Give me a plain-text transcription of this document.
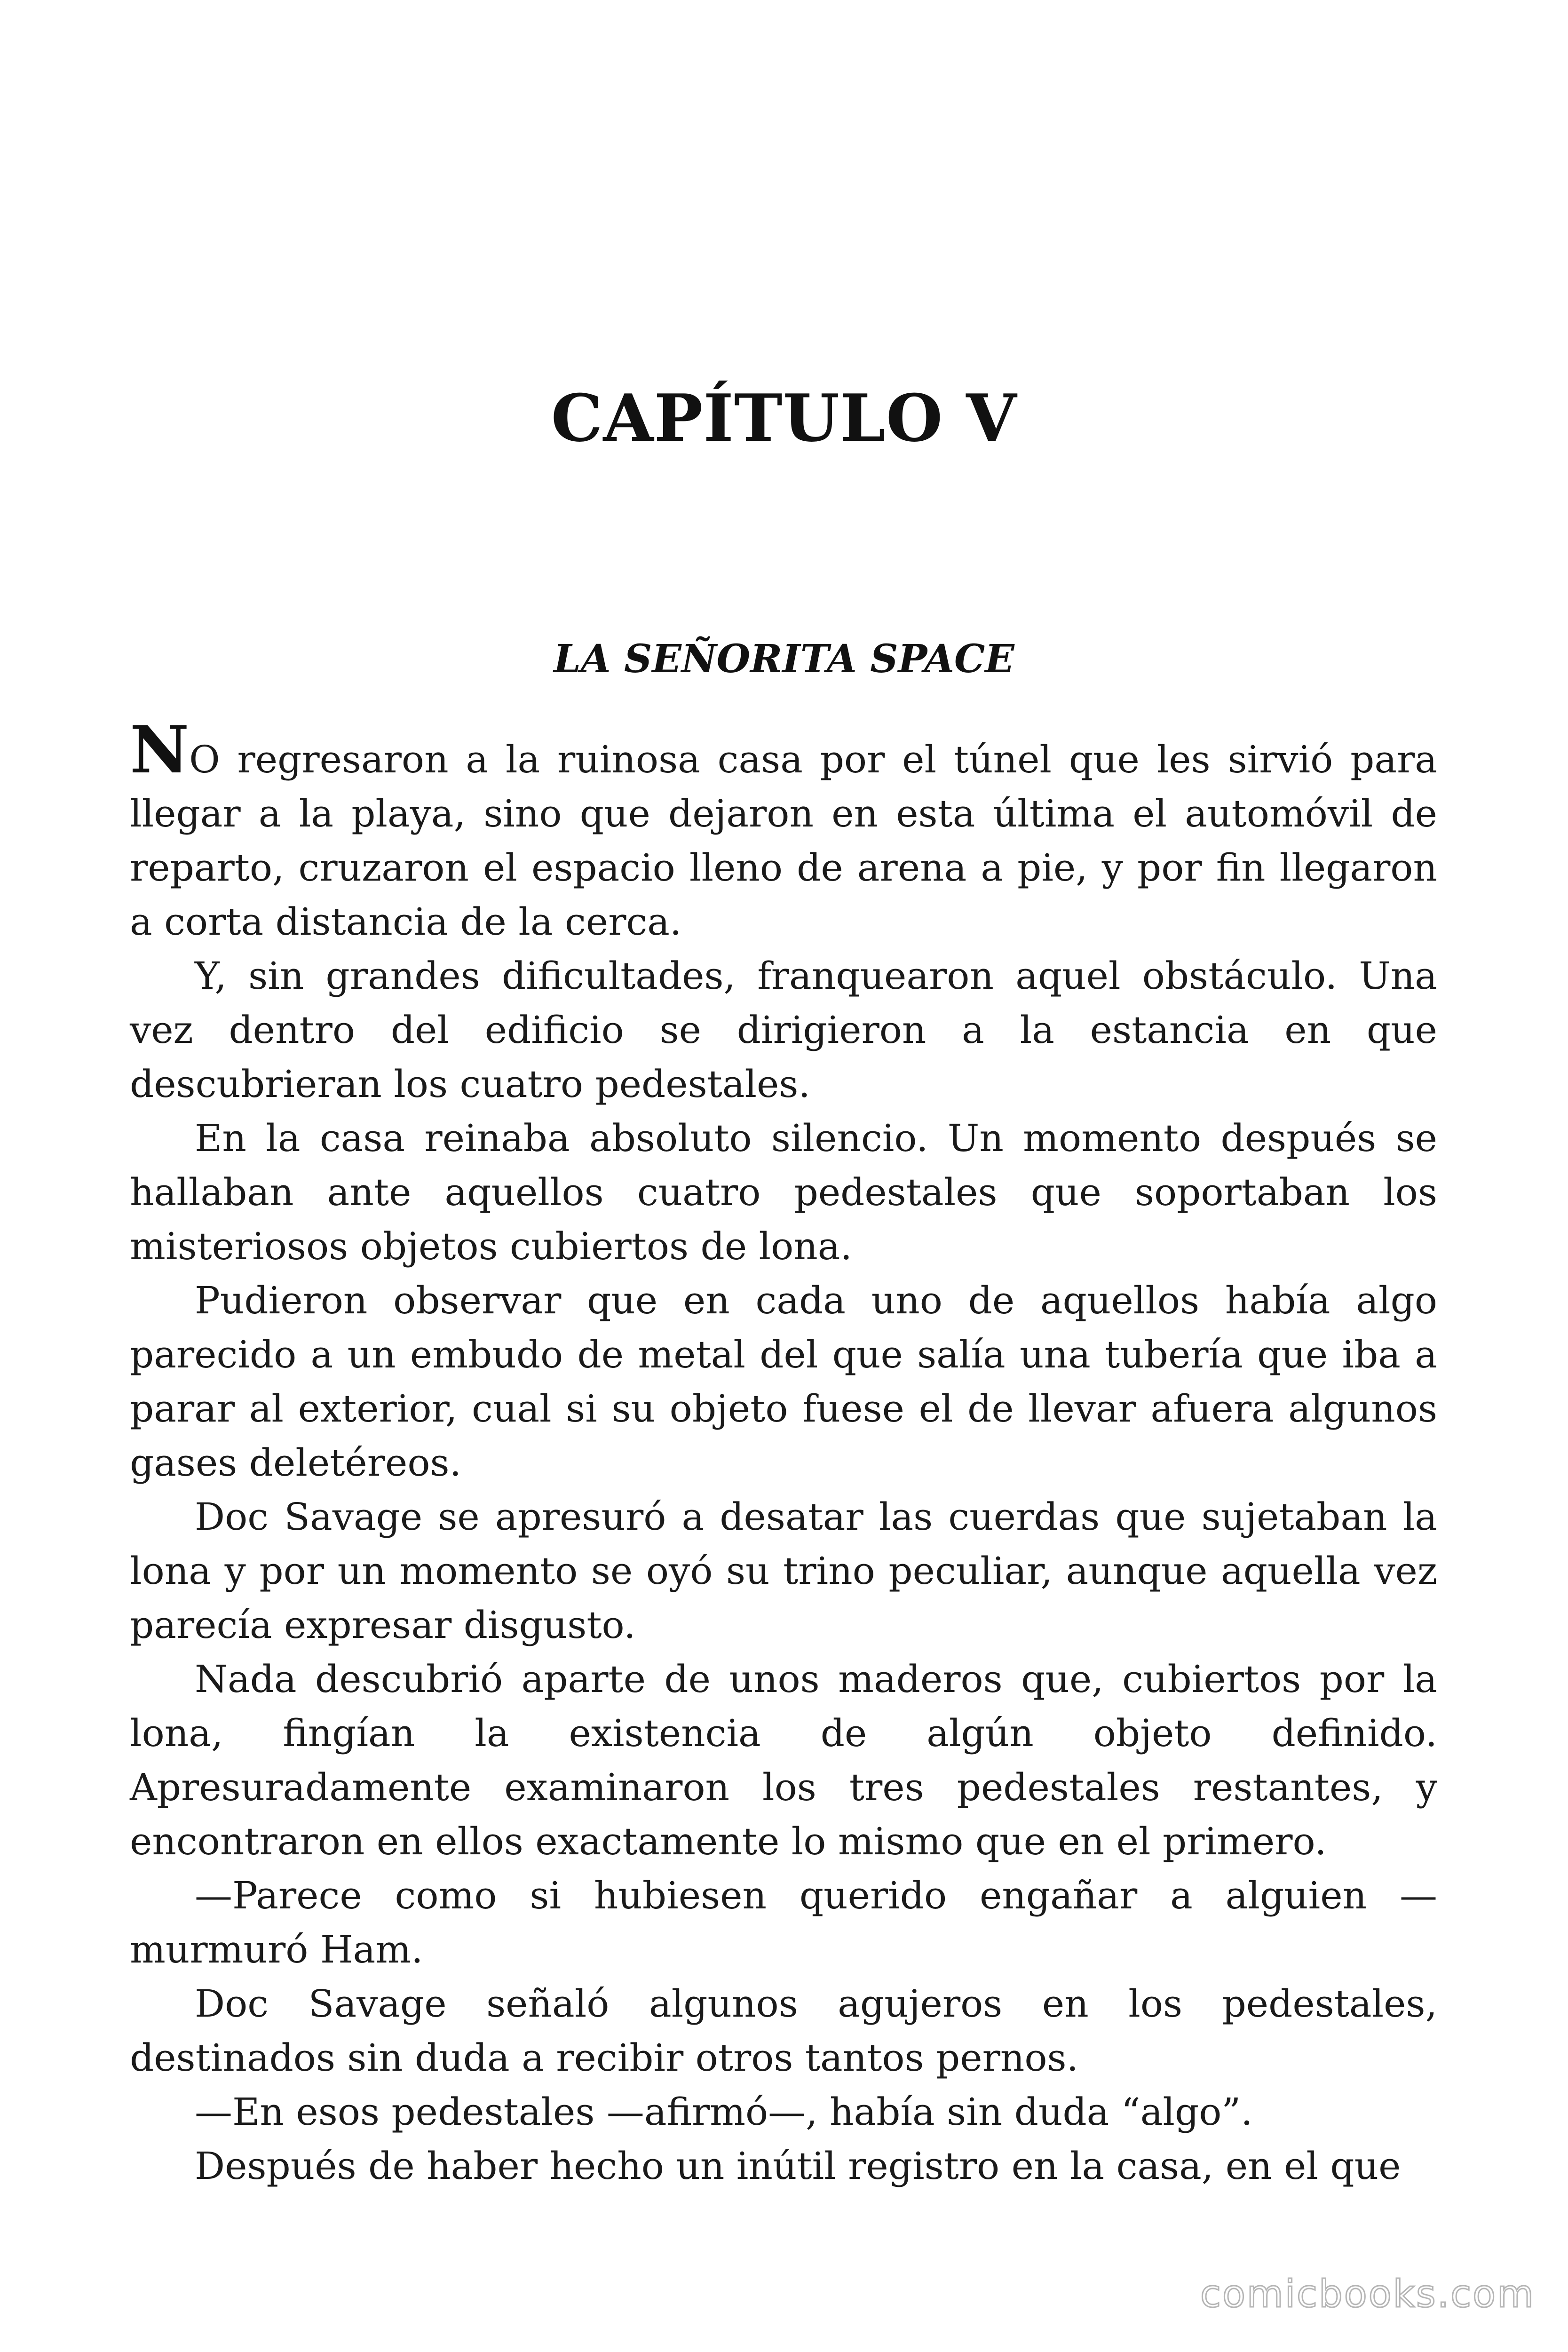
CAPÍTULO V
LA SEÑORITA SPACE

NO regresaron a la ruinosa casa por el túnel que les sirvió para llegar a la playa, sino que dejaron en esta última el automóvil de reparto, cruzaron el espacio lleno de arena a pie, y por fin llegaron a corta distancia de la cerca.

Y, sin grandes dificultades, franquearon aquel obstáculo. Una vez dentro del edificio se dirigieron a la estancia en que descubrieran los cuatro pedestales.

En la casa reinaba absoluto silencio. Un momento después se hallaban ante aquellos cuatro pedestales que soportaban los misteriosos objetos cubiertos de lona.

Pudieron observar que en cada uno de aquellos había algo parecido a un embudo de metal del que salía una tubería que iba a parar al exterior, cual si su objeto fuese el de llevar afuera algunos gases deletéreos.

Doc Savage se apresuró a desatar las cuerdas que sujetaban la lona y por un momento se oyó su trino peculiar, aunque aquella vez parecía expresar disgusto.

Nada descubrió aparte de unos maderos que, cubiertos por la lona, fingían la existencia de algún objeto definido. Apresuradamente examinaron los tres pedestales restantes, y encontraron en ellos exactamente lo mismo que en el primero.

—Parece como si hubiesen querido engañar a alguien — murmuró Ham.

Doc Savage señaló algunos agujeros en los pedestales, destinados sin duda a recibir otros tantos pernos.

—En esos pedestales —afirmó—, había sin duda “algo”.

Después de haber hecho un inútil registro en la casa, en el que

comicbooks.com
